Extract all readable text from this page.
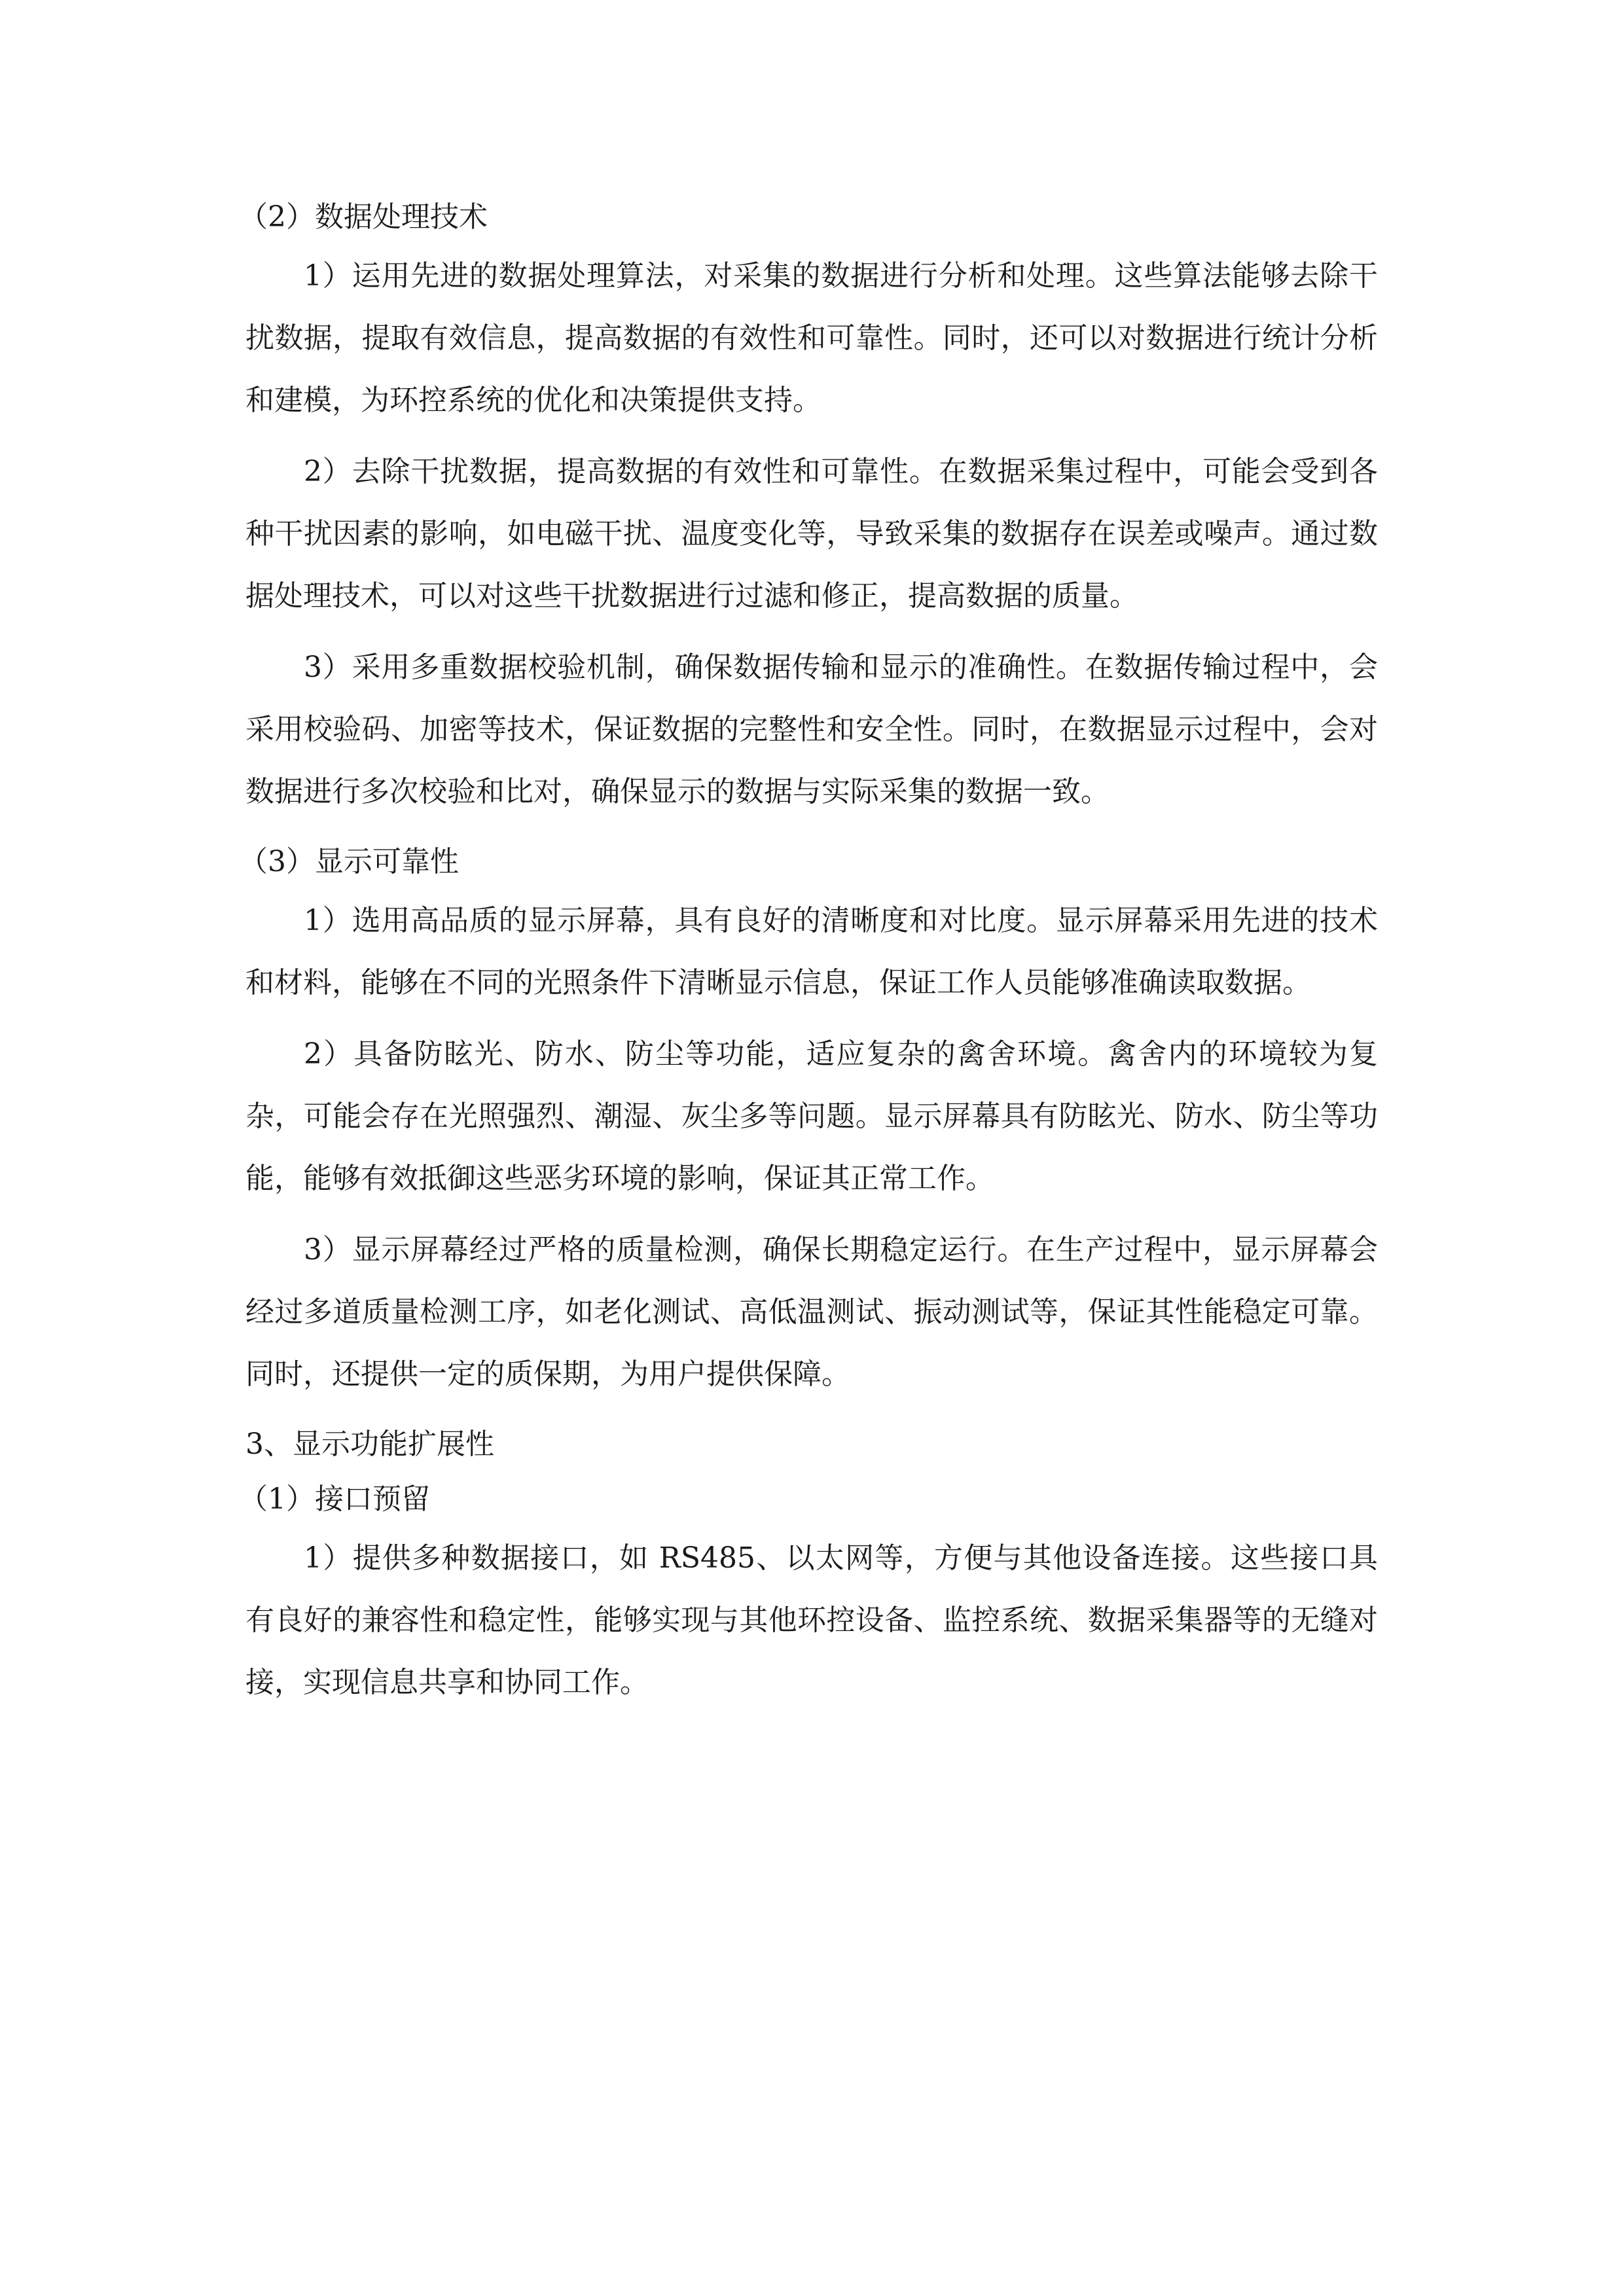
（2）数据处理技术

1）运用先进的数据处理算法，对采集的数据进行分析和处理。这些算法能够去除干扰数据，提取有效信息，提高数据的有效性和可靠性。同时，还可以对数据进行统计分析和建模，为环控系统的优化和决策提供支持。

2）去除干扰数据，提高数据的有效性和可靠性。在数据采集过程中，可能会受到各种干扰因素的影响，如电磁干扰、温度变化等，导致采集的数据存在误差或噪声。通过数据处理技术，可以对这些干扰数据进行过滤和修正，提高数据的质量。

3）采用多重数据校验机制，确保数据传输和显示的准确性。在数据传输过程中，会采用校验码、加密等技术，保证数据的完整性和安全性。同时，在数据显示过程中，会对数据进行多次校验和比对，确保显示的数据与实际采集的数据一致。

（3）显示可靠性

1）选用高品质的显示屏幕，具有良好的清晰度和对比度。显示屏幕采用先进的技术和材料，能够在不同的光照条件下清晰显示信息，保证工作人员能够准确读取数据。

2）具备防眩光、防水、防尘等功能，适应复杂的禽舍环境。禽舍内的环境较为复杂，可能会存在光照强烈、潮湿、灰尘多等问题。显示屏幕具有防眩光、防水、防尘等功能，能够有效抵御这些恶劣环境的影响，保证其正常工作。

3）显示屏幕经过严格的质量检测，确保长期稳定运行。在生产过程中，显示屏幕会经过多道质量检测工序，如老化测试、高低温测试、振动测试等，保证其性能稳定可靠。同时，还提供一定的质保期，为用户提供保障。

3、显示功能扩展性

（1）接口预留

1）提供多种数据接口，如 RS485、以太网等，方便与其他设备连接。这些接口具有良好的兼容性和稳定性，能够实现与其他环控设备、监控系统、数据采集器等的无缝对接，实现信息共享和协同工作。
